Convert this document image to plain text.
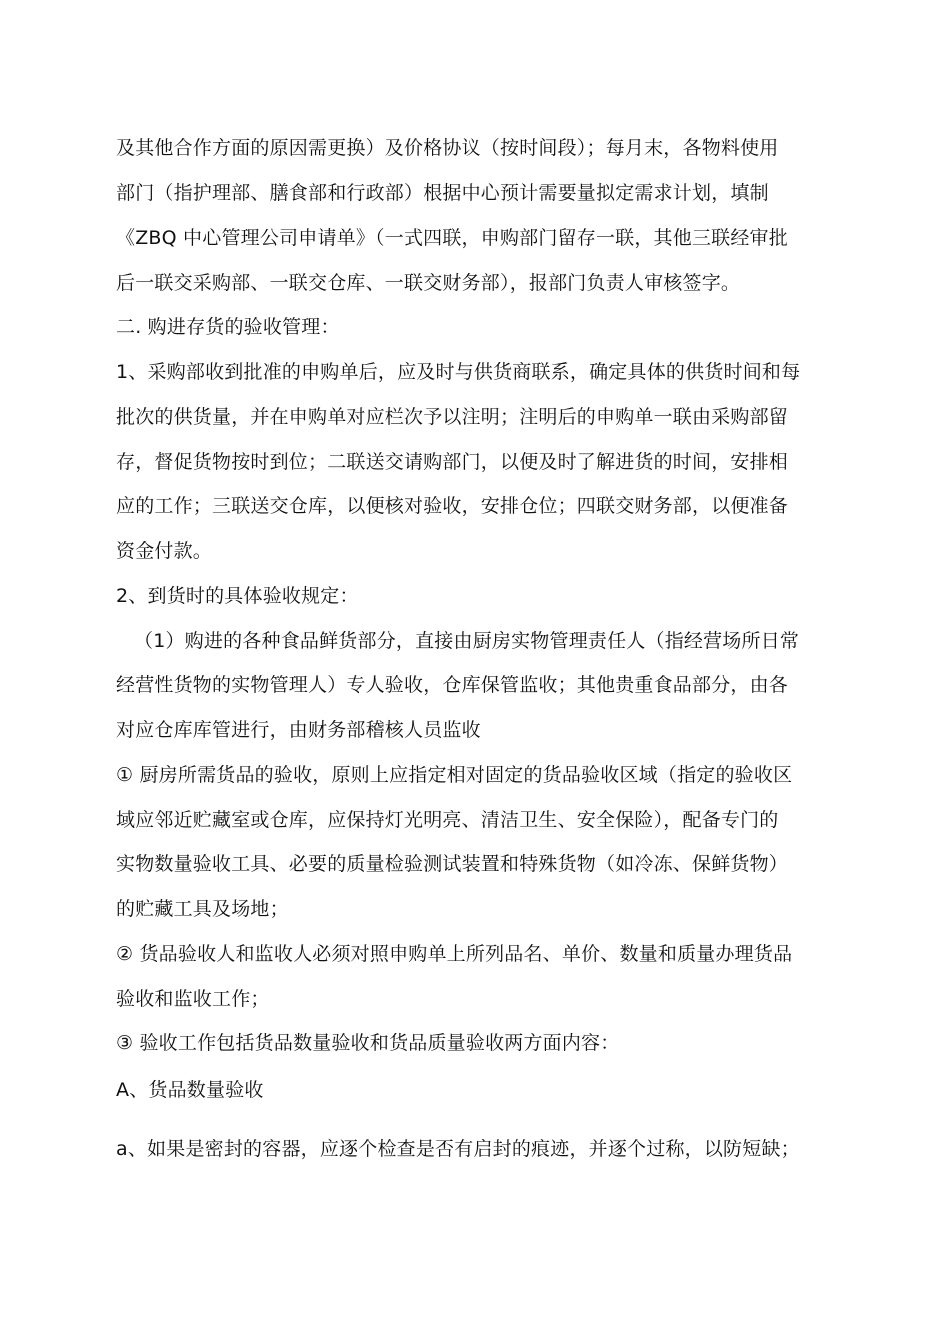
及其他合作方面的原因需更换）及价格协议（按时间段）；每月末，各物料使用
部门（指护理部、膳食部和行政部）根据中心预计需要量拟定需求计划，填制
《ZBQ 中心管理公司申请单》（一式四联，申购部门留存一联，其他三联经审批
后一联交采购部、一联交仓库、一联交财务部），报部门负责人审核签字。
二. 购进存货的验收管理：
1、采购部收到批准的申购单后，应及时与供货商联系，确定具体的供货时间和每
批次的供货量，并在申购单对应栏次予以注明；注明后的申购单一联由采购部留
存，督促货物按时到位；二联送交请购部门，以便及时了解进货的时间，安排相
应的工作；三联送交仓库，以便核对验收，安排仓位；四联交财务部，以便准备
资金付款。
2、到货时的具体验收规定：
（1）购进的各种食品鲜货部分，直接由厨房实物管理责任人（指经营场所日常
经营性货物的实物管理人）专人验收，仓库保管监收；其他贵重食品部分，由各
对应仓库库管进行，由财务部稽核人员监收
① 厨房所需货品的验收，原则上应指定相对固定的货品验收区域（指定的验收区
域应邻近贮藏室或仓库，应保持灯光明亮、清洁卫生、安全保险），配备专门的
实物数量验收工具、必要的质量检验测试装置和特殊货物（如冷冻、保鲜货物）
的贮藏工具及场地；
② 货品验收人和监收人必须对照申购单上所列品名、单价、数量和质量办理货品
验收和监收工作；
③ 验收工作包括货品数量验收和货品质量验收两方面内容：
A、货品数量验收
a、如果是密封的容器，应逐个检查是否有启封的痕迹，并逐个过称，以防短缺；
